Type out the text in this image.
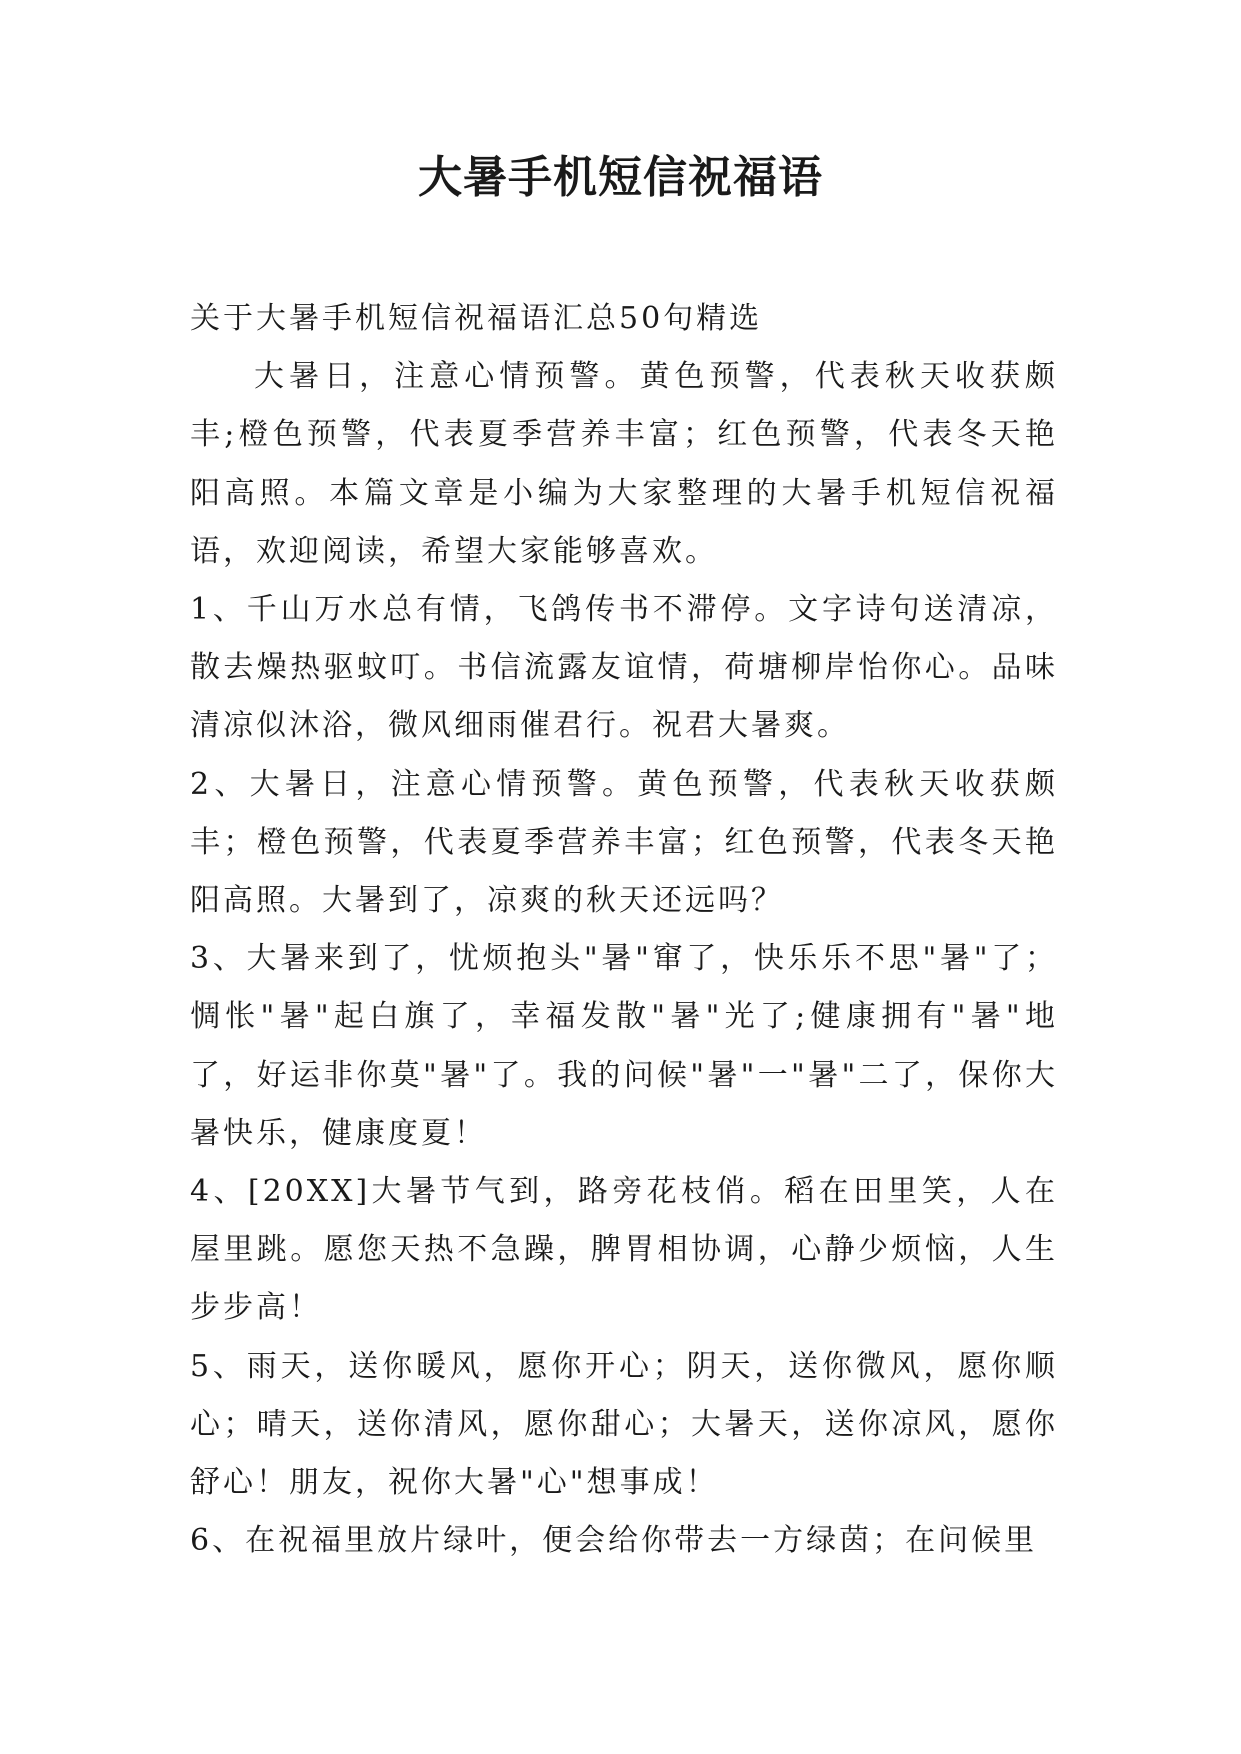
大暑手机短信祝福语

关于大暑手机短信祝福语汇总50句精选

大暑日，注意心情预警。黄色预警，代表秋天收获颇丰;橙色预警，代表夏季营养丰富；红色预警，代表冬天艳阳高照。本篇文章是小编为大家整理的大暑手机短信祝福语，欢迎阅读，希望大家能够喜欢。

1、千山万水总有情，飞鸽传书不滞停。文字诗句送清凉，散去燥热驱蚊叮。书信流露友谊情，荷塘柳岸怡你心。品味清凉似沐浴，微风细雨催君行。祝君大暑爽。

2、大暑日，注意心情预警。黄色预警，代表秋天收获颇丰；橙色预警，代表夏季营养丰富；红色预警，代表冬天艳阳高照。大暑到了，凉爽的秋天还远吗？

3、大暑来到了，忧烦抱头"暑"窜了，快乐乐不思"暑"了；惆怅"暑"起白旗了，幸福发散"暑"光了;健康拥有"暑"地了，好运非你莫"暑"了。我的问候"暑"一"暑"二了，保你大暑快乐，健康度夏！

4、[20XX]大暑节气到，路旁花枝俏。稻在田里笑，人在屋里跳。愿您天热不急躁，脾胃相协调，心静少烦恼，人生步步高！

5、雨天，送你暖风，愿你开心；阴天，送你微风，愿你顺心；晴天，送你清风，愿你甜心；大暑天，送你凉风，愿你舒心！朋友，祝你大暑"心"想事成！

6、在祝福里放片绿叶，便会给你带去一方绿茵；在问候里
